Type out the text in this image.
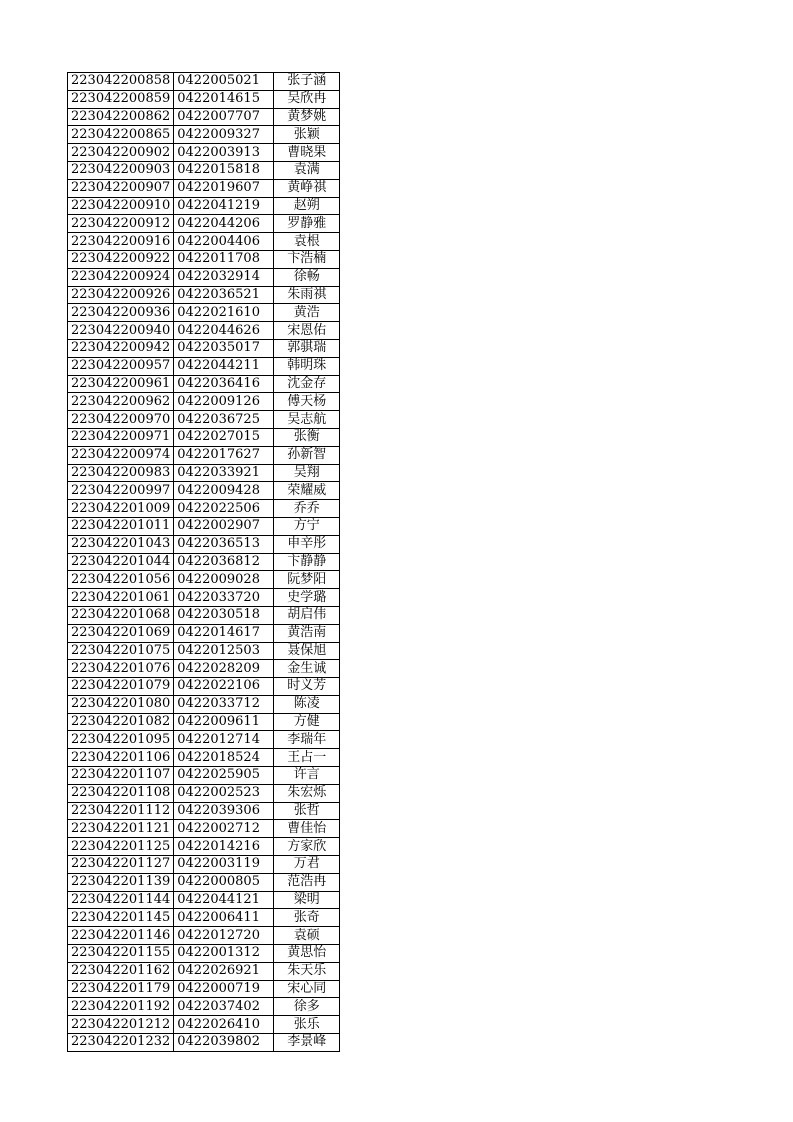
223042200858	0422005021	张子涵
223042200859	0422014615	吴欣冉
223042200862	0422007707	黄梦姚
223042200865	0422009327	张颖
223042200902	0422003913	曹晓果
223042200903	0422015818	袁满
223042200907	0422019607	黄峥祺
223042200910	0422041219	赵朔
223042200912	0422044206	罗静雅
223042200916	0422004406	袁根
223042200922	0422011708	卞浩楠
223042200924	0422032914	徐畅
223042200926	0422036521	朱雨祺
223042200936	0422021610	黄浩
223042200940	0422044626	宋恩佑
223042200942	0422035017	郭骐瑞
223042200957	0422044211	韩明珠
223042200961	0422036416	沈金存
223042200962	0422009126	傅天杨
223042200970	0422036725	吴志航
223042200971	0422027015	张衡
223042200974	0422017627	孙新智
223042200983	0422033921	吴翔
223042200997	0422009428	荣耀威
223042201009	0422022506	乔乔
223042201011	0422002907	方宁
223042201043	0422036513	申辛彤
223042201044	0422036812	卞静静
223042201056	0422009028	阮梦阳
223042201061	0422033720	史学璐
223042201068	0422030518	胡启伟
223042201069	0422014617	黄浩南
223042201075	0422012503	聂保旭
223042201076	0422028209	金生诚
223042201079	0422022106	时义芳
223042201080	0422033712	陈凌
223042201082	0422009611	方健
223042201095	0422012714	李瑞年
223042201106	0422018524	王占一
223042201107	0422025905	许言
223042201108	0422002523	朱宏烁
223042201112	0422039306	张哲
223042201121	0422002712	曹佳怡
223042201125	0422014216	方家欣
223042201127	0422003119	万君
223042201139	0422000805	范浩冉
223042201144	0422044121	梁明
223042201145	0422006411	张奇
223042201146	0422012720	袁硕
223042201155	0422001312	黄思怡
223042201162	0422026921	朱天乐
223042201179	0422000719	宋心同
223042201192	0422037402	徐多
223042201212	0422026410	张乐
223042201232	0422039802	李景峰
